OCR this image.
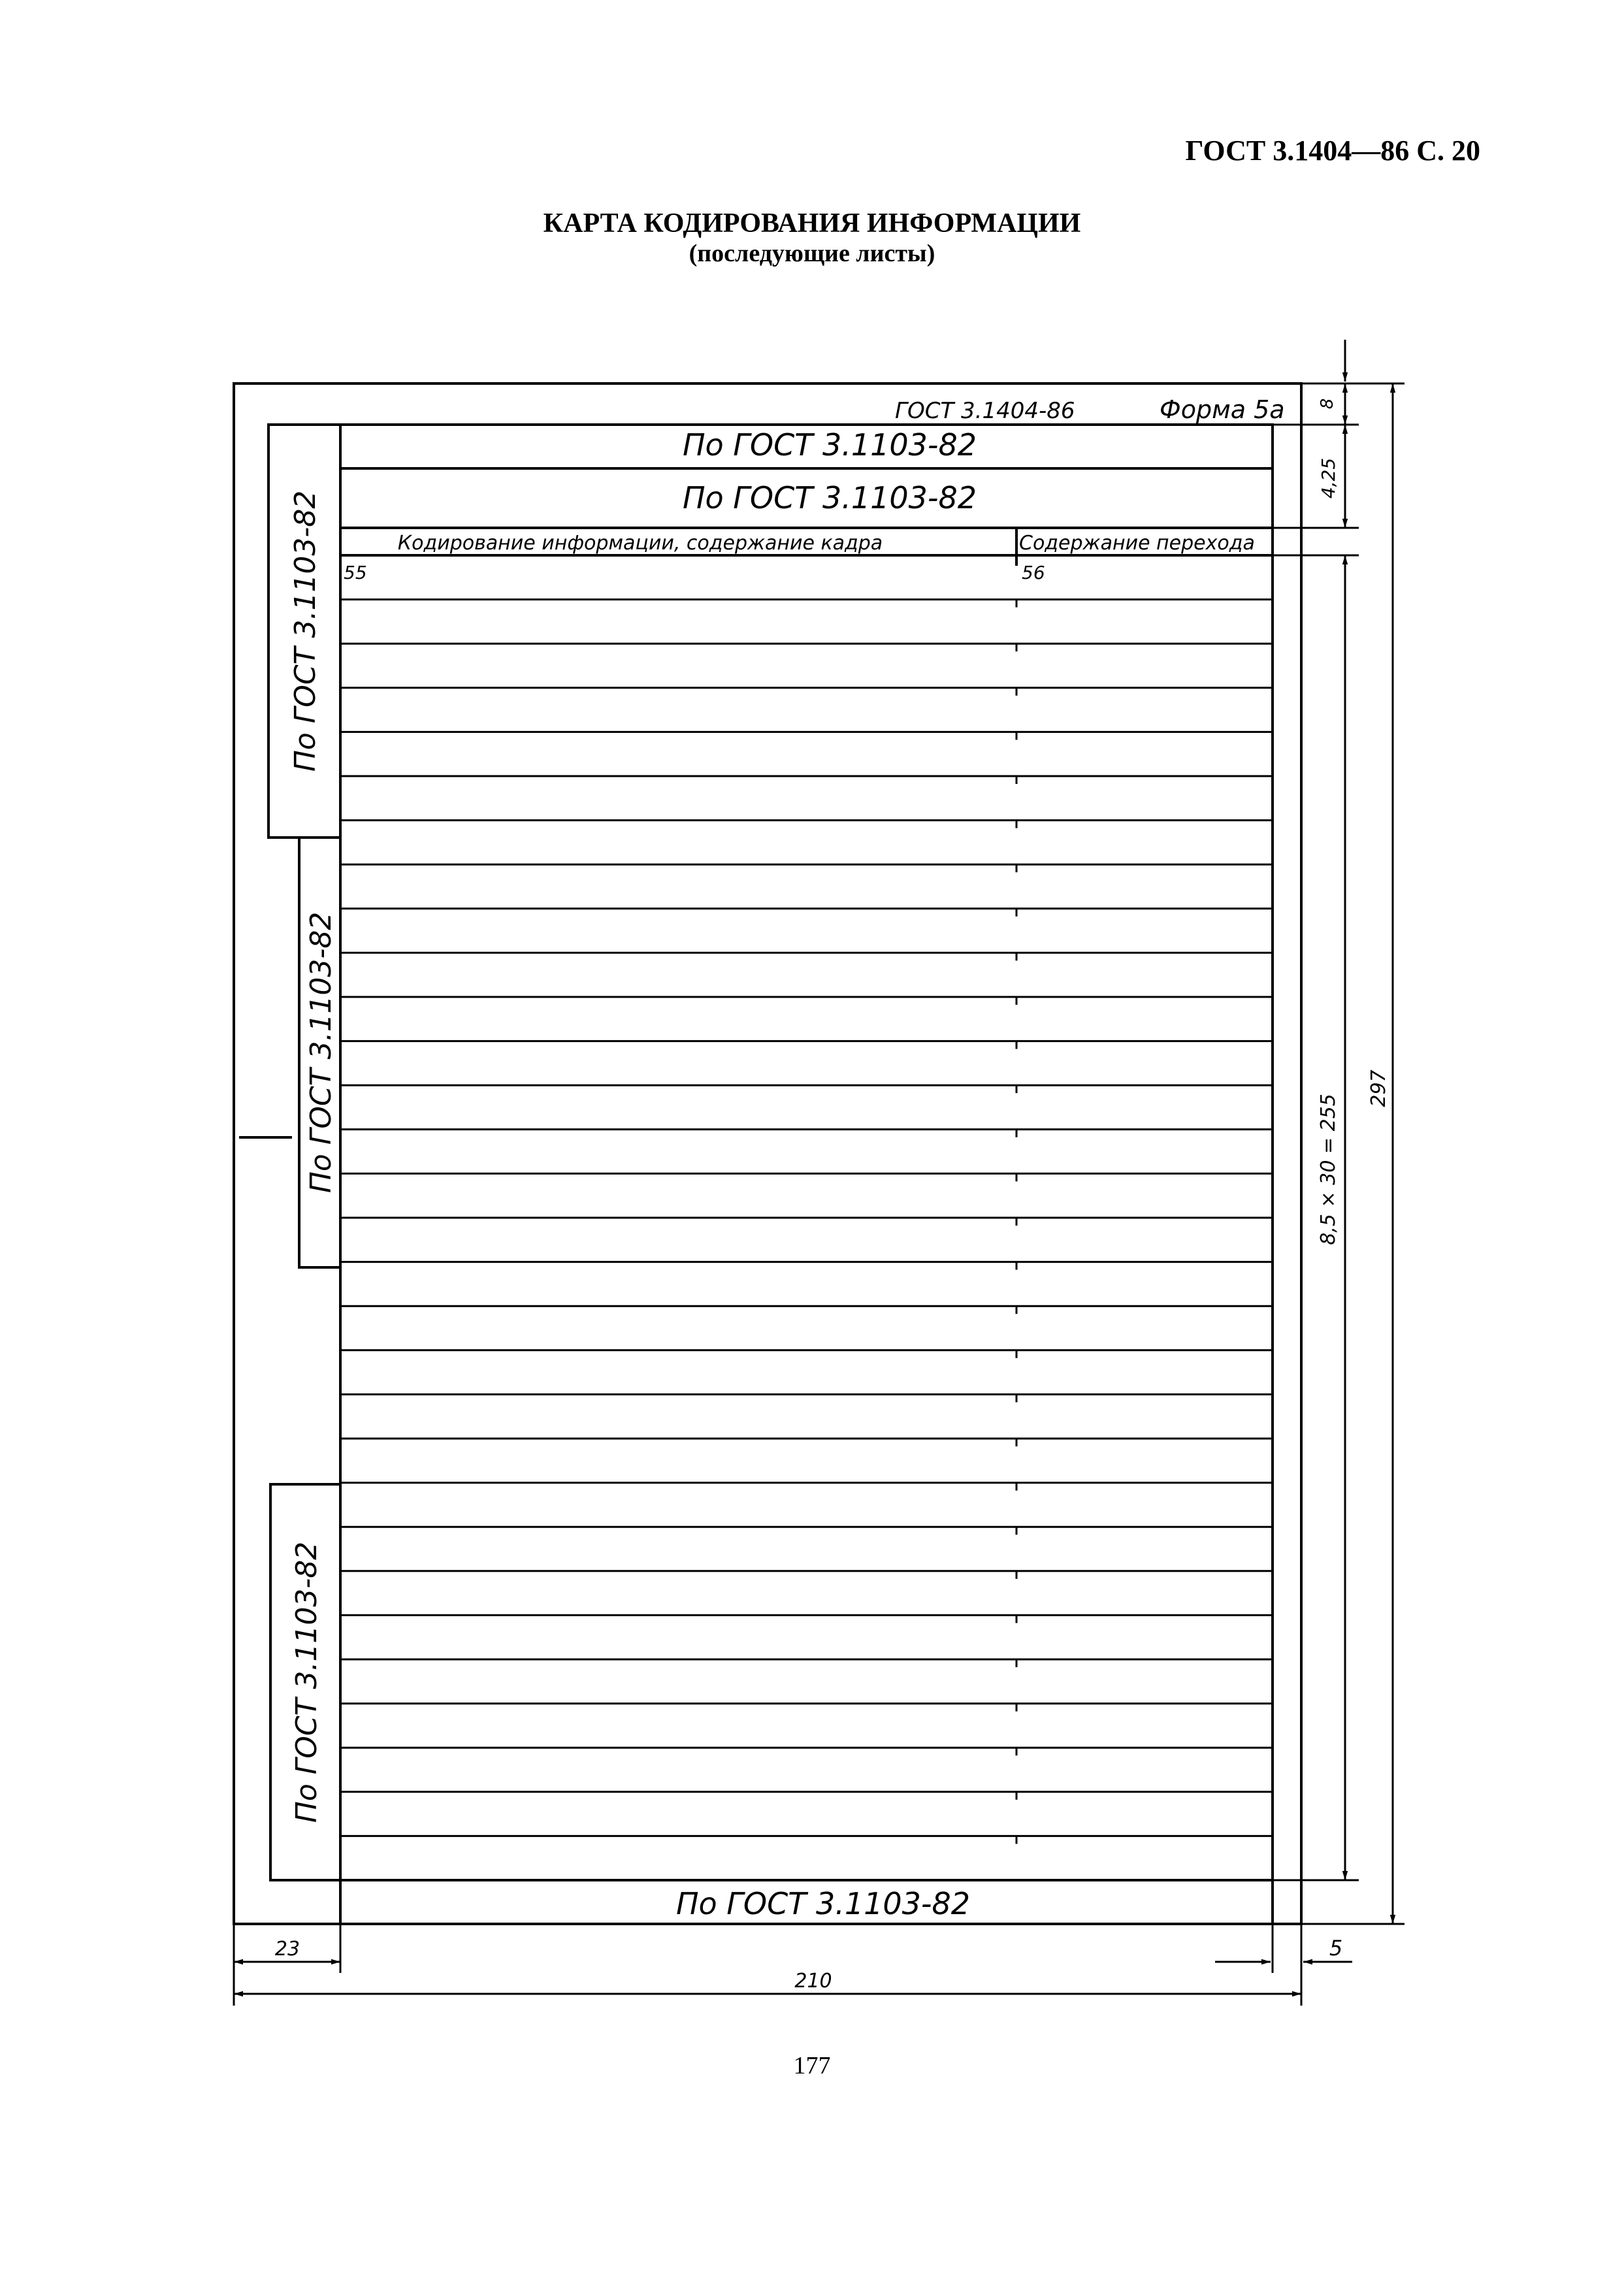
ГОСТ 3.1404—86 С. 20
КАРТА КОДИРОВАНИЯ ИНФОРМАЦИИ
(последующие листы)
ГОСТ 3.1404-86	Форма 5а
По ГОСТ 3.1103-82
По ГОСТ 3.1103-82
Кодирование информации, содержание кадра	Содержание перехода
55	56
По ГОСТ 3.1103-82
По ГОСТ 3.1103-82
По ГОСТ 3.1103-82
По ГОСТ 3.1103-82
8
4,25
8,5 × 30 = 255
297
23	5
210
177
